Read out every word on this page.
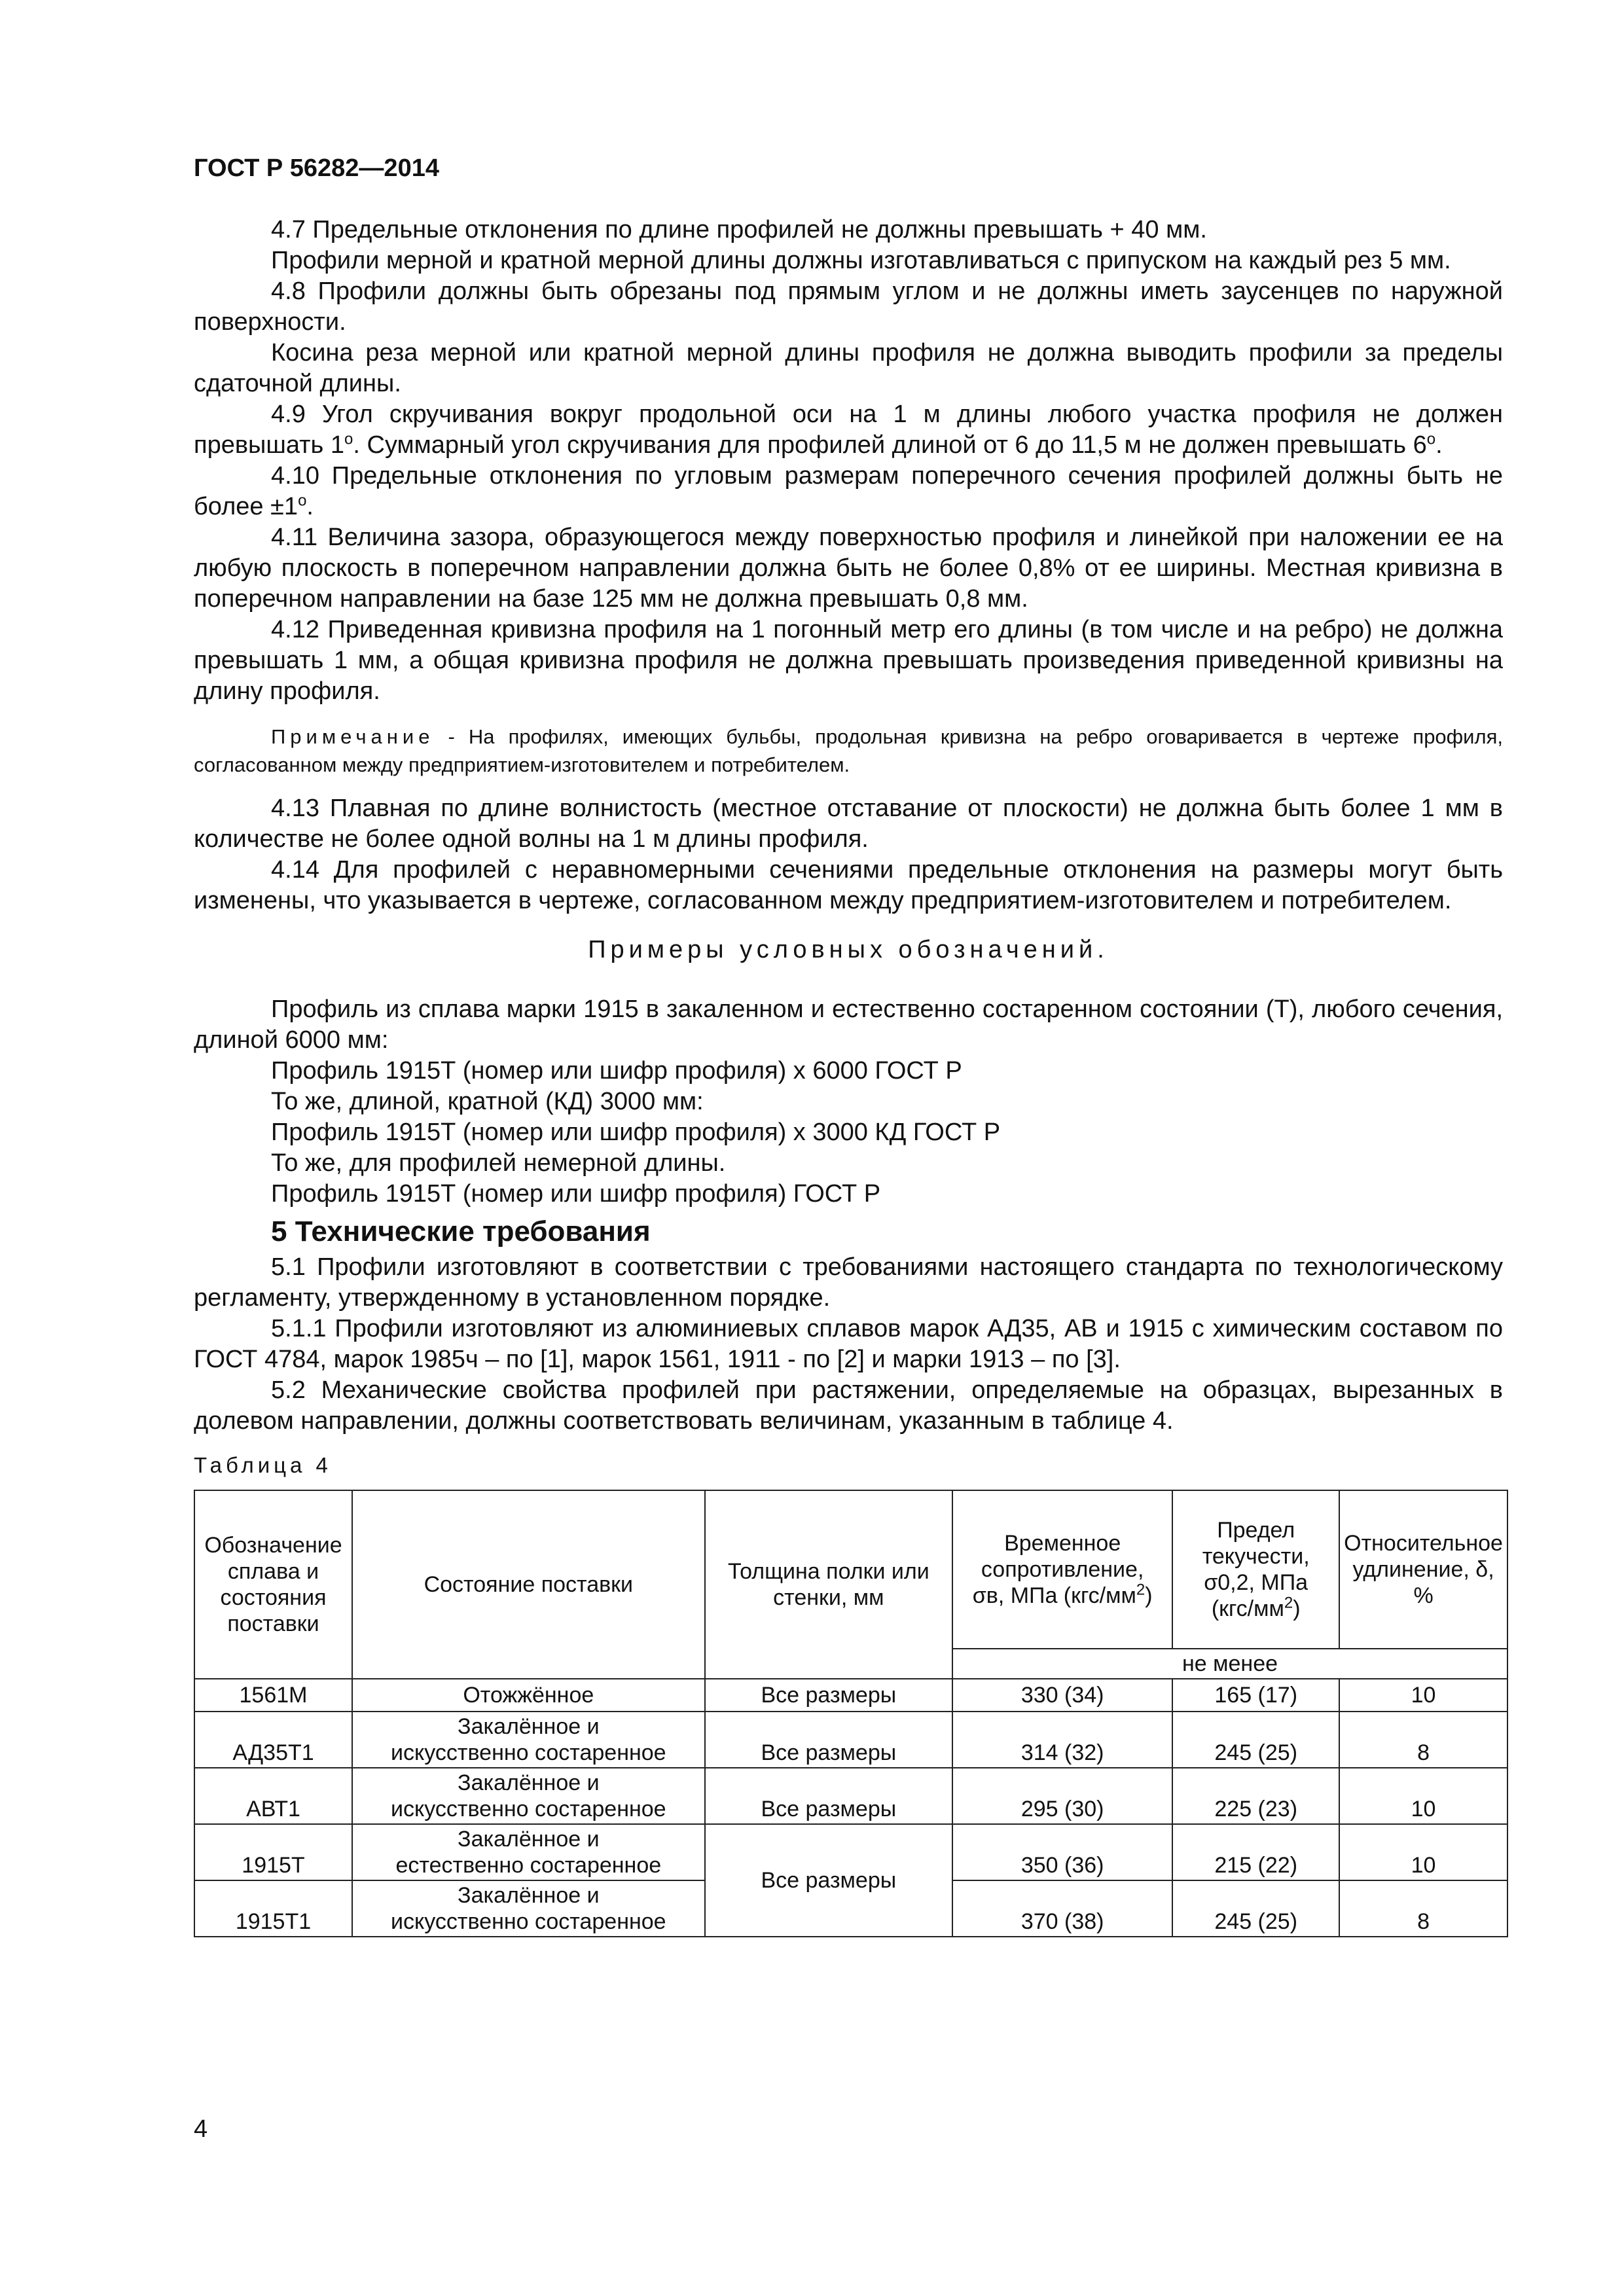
ГОСТ Р 56282—2014

4.7 Предельные отклонения по длине профилей не должны превышать + 40 мм.

Профили мерной и кратной мерной длины должны изготавливаться с припуском на каждый рез 5 мм.

4.8 Профили должны быть обрезаны под прямым углом и не должны иметь заусенцев по наружной поверхности.

Косина реза мерной или кратной мерной длины профиля не должна выводить профили за пределы сдаточной длины.

4.9 Угол скручивания вокруг продольной оси на 1 м длины любого участка профиля не должен превышать 1$^o$. Суммарный угол скручивания для профилей длиной от 6 до 11,5 м не должен превышать 6$^o$.

4.10 Предельные отклонения по угловым размерам поперечного сечения профилей должны быть не более $\pm 1^o$.

4.11 Величина зазора, образующегося между поверхностью профиля и линейкой при наложении ее на любую плоскость в поперечном направлении должна быть не более 0,8% от ее ширины. Местная кривизна в поперечном направлении на базе 125 мм не должна превышать 0,8 мм.

4.12 Приведенная кривизна профиля на 1 погонный метр его длины (в том числе и на ребро) не должна превышать 1 мм, а общая кривизна профиля не должна превышать произведения приведенной кривизны на длину профиля.

Примечание - На профилях, имеющих бульбы, продольная кривизна на ребро оговаривается в чертеже профиля, согласованном между предприятием-изготовителем и потребителем.

4.13 Плавная по длине волнистость (местное отставание от плоскости) не должна быть более 1 мм в количестве не более одной волны на 1 м длины профиля.

4.14 Для профилей с неравномерными сечениями предельные отклонения на размеры могут быть изменены, что указывается в чертеже, согласованном между предприятием-изготовителем и потребителем.

Примеры условных обозначений.

Профиль из сплава марки 1915 в закаленном и естественно состаренном состоянии (Т), любого сечения, длиной 6000 мм:

Профиль 1915Т (номер или шифр профиля) х 6000 ГОСТ Р

То же, длиной, кратной (КД) 3000 мм:

Профиль 1915Т (номер или шифр профиля) х 3000 КД ГОСТ Р

То же, для профилей немерной длины.

Профиль 1915Т (номер или шифр профиля) ГОСТ Р

5 Технические требования

5.1 Профили изготовляют в соответствии с требованиями настоящего стандарта по технологическому регламенту, утвержденному в установленном порядке.

5.1.1 Профили изготовляют из алюминиевых сплавов марок АД35, АВ и 1915 с химическим составом по ГОСТ 4784, марок 1985ч – по [1], марок 1561, 1911 - по [2] и марки 1913 – по [3].

5.2 Механические свойства профилей при растяжении, определяемые на образцах, вырезанных в долевом направлении, должны соответствовать величинам, указанным в таблице 4.

Таблица 4

Обозначение сплава и состояния поставки	Состояние поставки	Толщина полки или стенки, мм	Временное сопротивление,
σв, МПа $(кгс/мм^2)$	Предел текучести,
σ0,2, МПа
$(кгс/мм^2)$	Относительное удлинение, δ, %
			не менее		
1561М	Отожжённое	Все размеры	330 (34)	165 (17)	10
АД35Т1	Закалённое и
искусственно состаренное	Все размеры	314 (32)	245 (25)	8
АВТ1	Закалённое и
искусственно состаренное	Все размеры	295 (30)	225 (23)	10
1915Т	Закалённое и
естественно состаренное	Все размеры	350 (36)	215 (22)	10
1915Т1	Закалённое и
искусственно состаренное		370 (38)	245 (25)	8
4
